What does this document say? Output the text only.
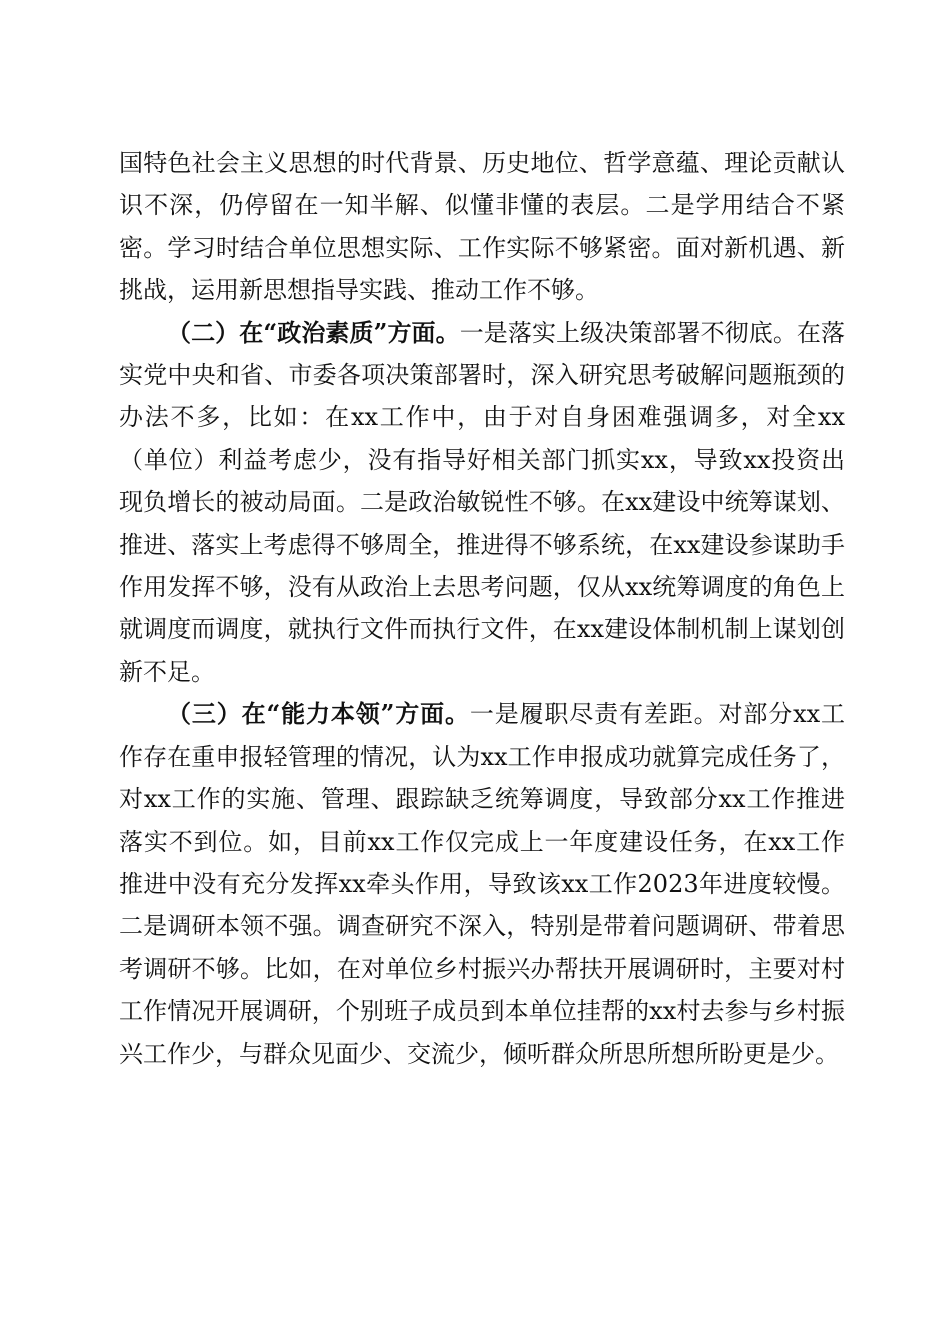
国特色社会主义思想的时代背景、历史地位、哲学意蕴、理论贡献认识不深，仍停留在一知半解、似懂非懂的表层。二是学用结合不紧密。学习时结合单位思想实际、工作实际不够紧密。面对新机遇、新挑战，运用新思想指导实践、推动工作不够。

（二）在“政治素质”方面。一是落实上级决策部署不彻底。在落实党中央和省、市委各项决策部署时，深入研究思考破解问题瓶颈的办法不多，比如：在xx工作中，由于对自身困难强调多，对全xx（单位）利益考虑少，没有指导好相关部门抓实xx，导致xx投资出现负增长的被动局面。二是政治敏锐性不够。在xx建设中统筹谋划、推进、落实上考虑得不够周全，推进得不够系统，在xx建设参谋助手作用发挥不够，没有从政治上去思考问题，仅从xx统筹调度的角色上就调度而调度，就执行文件而执行文件，在xx建设体制机制上谋划创新不足。

（三）在“能力本领”方面。一是履职尽责有差距。对部分xx工作存在重申报轻管理的情况，认为xx工作申报成功就算完成任务了，对xx工作的实施、管理、跟踪缺乏统筹调度，导致部分xx工作推进落实不到位。如，目前xx工作仅完成上一年度建设任务，在xx工作推进中没有充分发挥xx牵头作用，导致该xx工作2023年进度较慢。二是调研本领不强。调查研究不深入，特别是带着问题调研、带着思考调研不够。比如，在对单位乡村振兴办帮扶开展调研时，主要对村工作情况开展调研，个别班子成员到本单位挂帮的xx村去参与乡村振兴工作少，与群众见面少、交流少，倾听群众所思所想所盼更是少。
